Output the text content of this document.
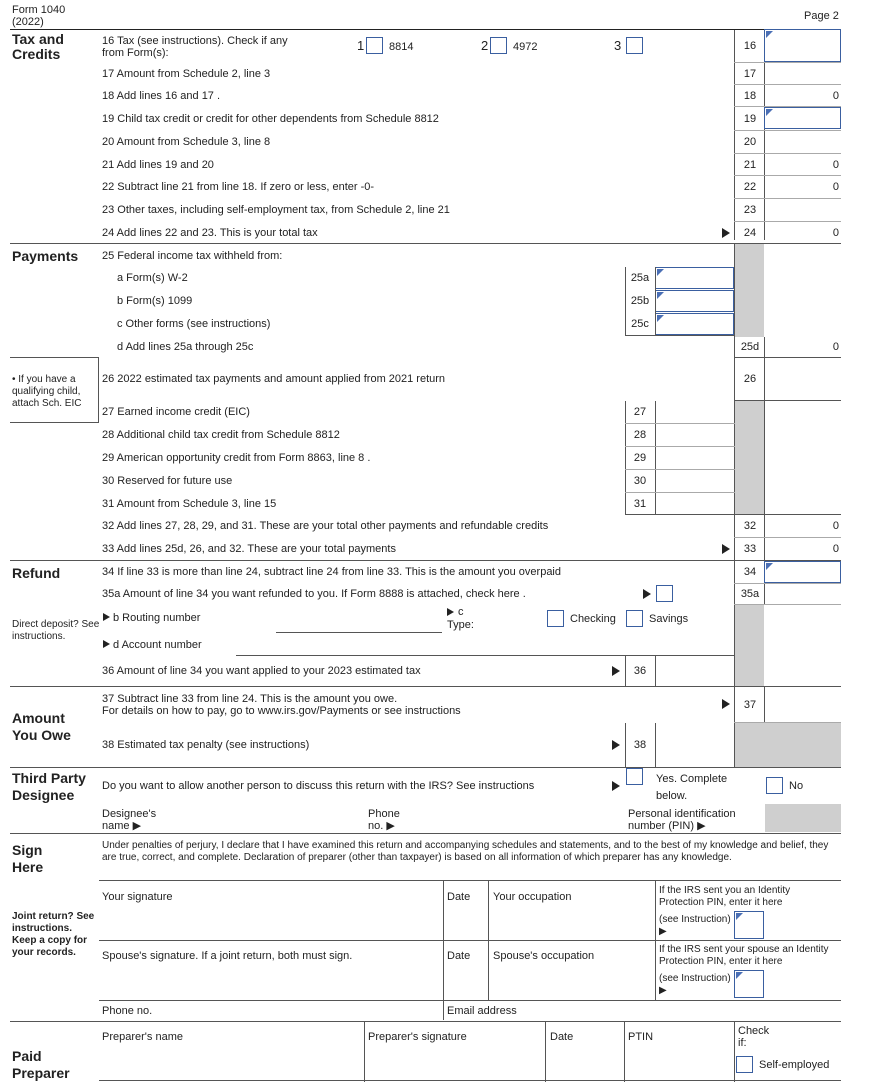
Form 1040
(2022)	Page 2
Tax and Credits
16 Tax (see instructions). Check if any from Form(s):	1 8814	2 4972	3	16
17 Amount from Schedule 2, line 3	17
18 Add lines 16 and 17 .	18	0
19 Child tax credit or credit for other dependents from Schedule 8812	19
20 Amount from Schedule 3, line 8	20
21 Add lines 19 and 20	21	0
22 Subtract line 21 from line 18. If zero or less, enter -0-	22	0
23 Other taxes, including self-employment tax, from Schedule 2, line 21	23
24 Add lines 22 and 23. This is your total tax	24	0
Payments 25 Federal income tax withheld from:
a Form(s) W-2	25a
b Form(s) 1099	25b
c Other forms (see instructions)	25c
d Add lines 25a through 25c	25d	0
• If you have a qualifying child, attach Sch. EIC
26 2022 estimated tax payments and amount applied from 2021 return	26
27 Earned income credit (EIC)	27
28 Additional child tax credit from Schedule 8812	28
29 American opportunity credit from Form 8863, line 8 .	29
30 Reserved for future use	30
31 Amount from Schedule 3, line 15	31
32 Add lines 27, 28, 29, and 31. These are your total other payments and refundable credits	32	0
33 Add lines 25d, 26, and 32. These are your total payments	33	0
Refund	34 If line 33 is more than line 24, subtract line 24 from line 33. This is the amount you overpaid	34
35a Amount of line 34 you want refunded to you. If Form 8888 is attached, check here .	35a
Direct deposit? See instructions.
b Routing number	c
Type:	Checking	Savings
d Account number
36 Amount of line 34 you want applied to your 2023 estimated tax	36
Amount You Owe
37 Subtract line 33 from line 24. This is the amount you owe.
For details on how to pay, go to www.irs.gov/Payments or see instructions	37
38 Estimated tax penalty (see instructions)	38
Third Party Designee
Do you want to allow another person to discuss this return with the IRS? See instructions
Yes. Complete below.
No
Designee's name ▶
Phone no. ▶
Personal identification number (PIN) ▶
Sign Here
Under penalties of perjury, I declare that I have examined this return and accompanying schedules and statements, and to the best of my knowledge and belief, they are true, correct, and complete. Declaration of preparer (other than taxpayer) is based on all information of which preparer has any knowledge.
Your signature	Date Your occupation
If the IRS sent you an Identity Protection PIN, enter it here
(see Instruction) ▶
Joint return? See instructions. Keep a copy for your records.	Spouse's signature. If a joint return, both must sign.	Date Spouse's occupation
If the IRS sent your spouse an Identity Protection PIN, enter it here
(see Instruction) ▶
Phone no.	Email address
Paid Preparer
Preparer's name	Preparer's signature	Date	PTIN	Check if:
Self-employed
